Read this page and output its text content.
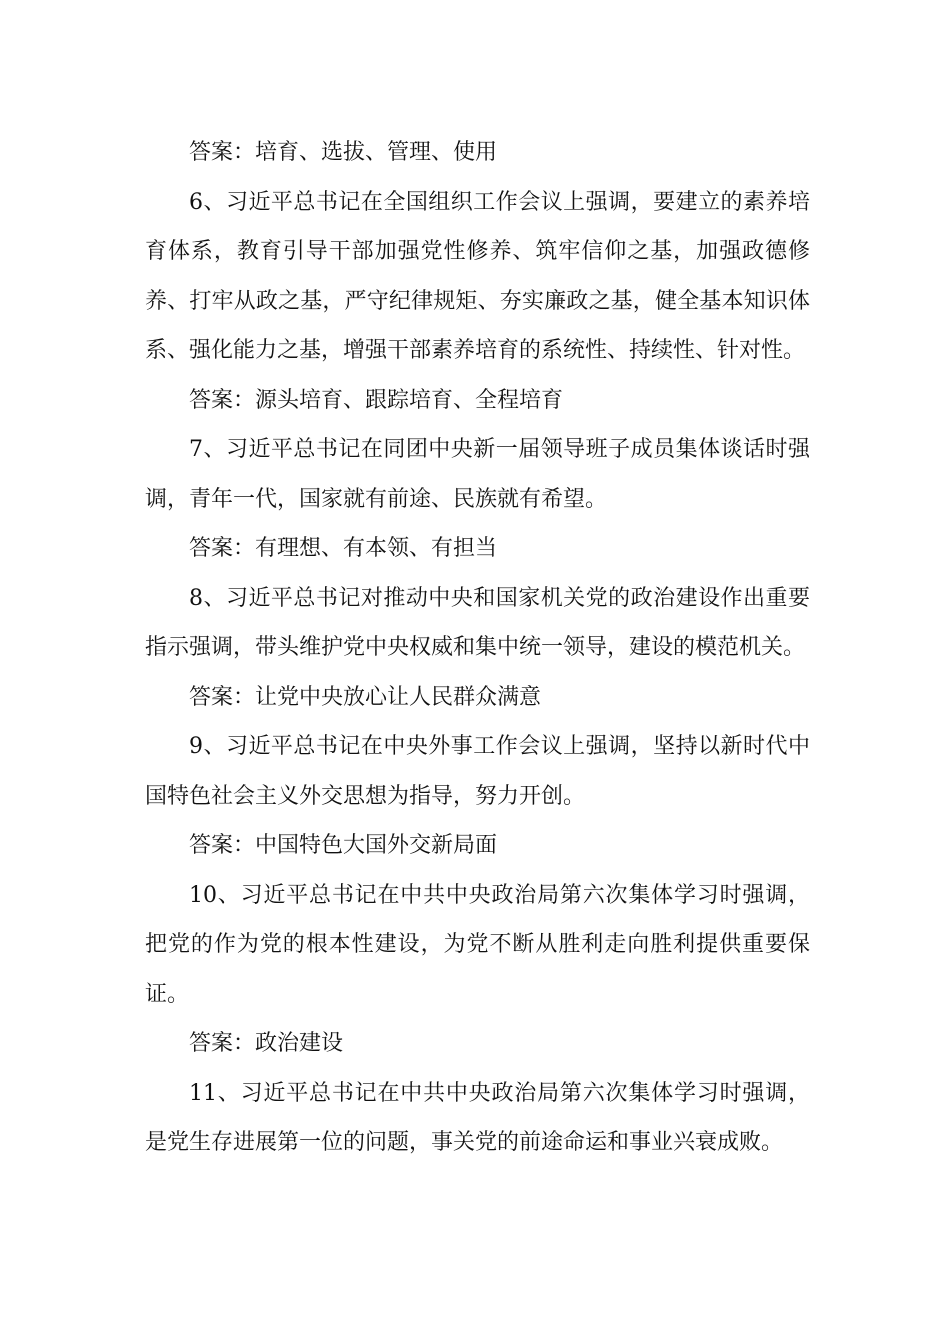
答案：培育、选拔、管理、使用

6、习近平总书记在全国组织工作会议上强调，要建立的素养培育体系，教育引导干部加强党性修养、筑牢信仰之基，加强政德修养、打牢从政之基，严守纪律规矩、夯实廉政之基，健全基本知识体系、强化能力之基，增强干部素养培育的系统性、持续性、针对性。

答案：源头培育、跟踪培育、全程培育

7、习近平总书记在同团中央新一届领导班子成员集体谈话时强调，青年一代，国家就有前途、民族就有希望。

答案：有理想、有本领、有担当

8、习近平总书记对推动中央和国家机关党的政治建设作出重要指示强调，带头维护党中央权威和集中统一领导，建设的模范机关。

答案：让党中央放心让人民群众满意

9、习近平总书记在中央外事工作会议上强调，坚持以新时代中国特色社会主义外交思想为指导，努力开创。

答案：中国特色大国外交新局面

10、习近平总书记在中共中央政治局第六次集体学习时强调，把党的作为党的根本性建设，为党不断从胜利走向胜利提供重要保证。

答案：政治建设

11、习近平总书记在中共中央政治局第六次集体学习时强调，是党生存进展第一位的问题，事关党的前途命运和事业兴衰成败。
